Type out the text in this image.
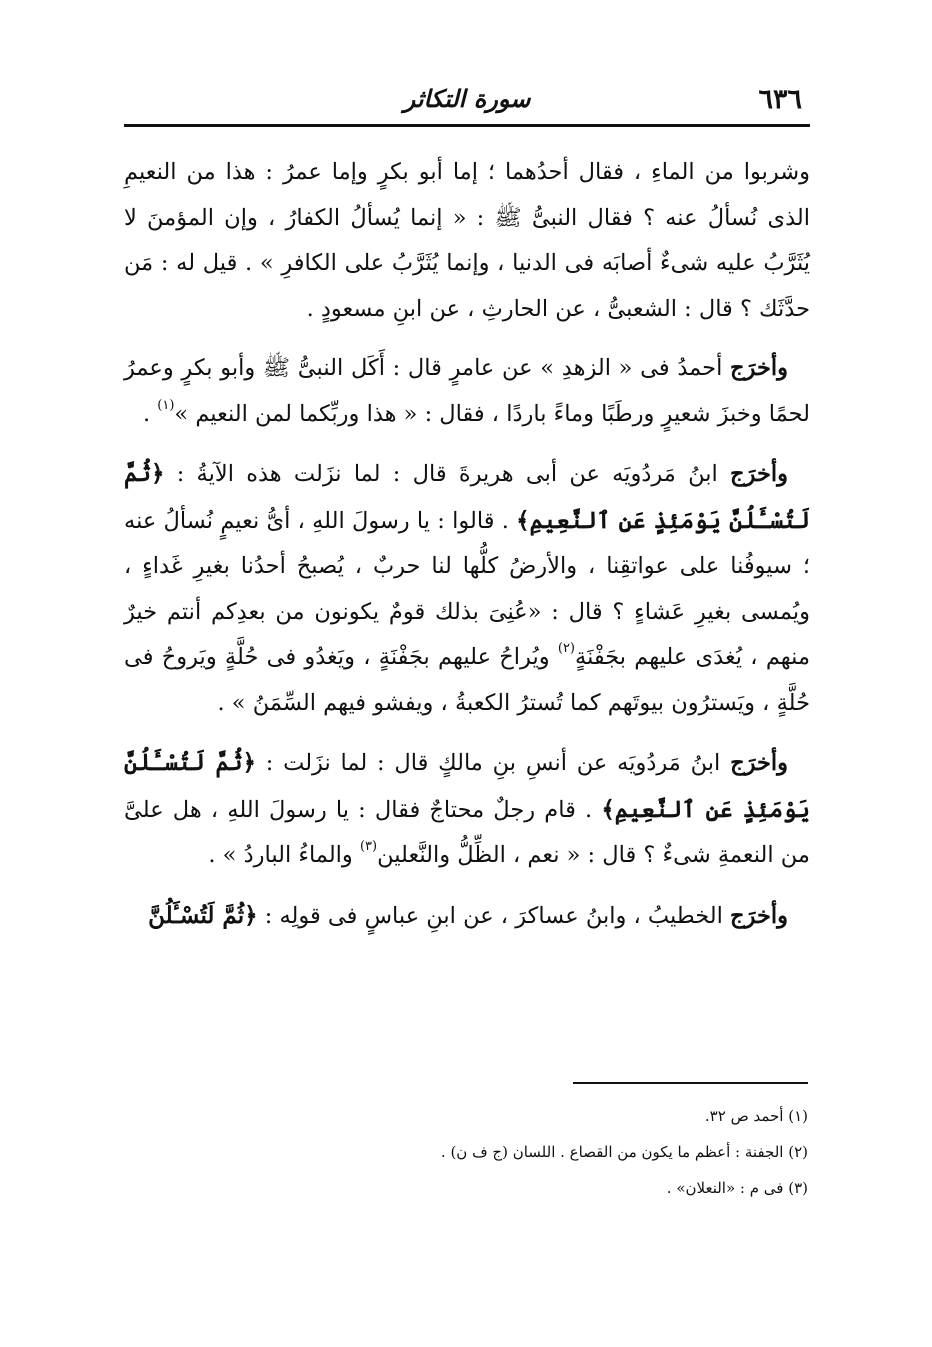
٦٣٦
سورة التكاثر

وشربوا من الماءِ ، فقال أحدُهما ؛ إما أبو بكرٍ وإما عمرُ : هذا من النعيمِ الذى نُسألُ عنه ؟ فقال النبىُّ ﷺ : « إنما يُسألُ الكفارُ ، وإن المؤمنَ لا يُثَرَّبُ عليه شىءٌ أصابَه فى الدنيا ، وإنما يُثَرَّبُ على الكافرِ » . قيل له : مَن حدَّثَك ؟ قال : الشعبىُّ ، عن الحارثِ ، عن ابنِ مسعودٍ .

وأخرَج أحمدُ فى « الزهدِ » عن عامرٍ قال : أَكَل النبىُّ ﷺ وأبو بكرٍ وعمرُ لحمًا وخبزَ شعيرٍ ورطَبًا وماءً باردًا ، فقال : « هذا وربِّكما لمن النعيم »$^{(١)}$ .

وأخرَج ابنُ مَردُويَه عن أبى هريرةَ قال : لما نزَلت هذه الآيةُ : ﴿ثُمَّ لَتُسْـَٔلُنَّ يَوْمَئِذٍ عَنِ ٱلنَّعِيمِ﴾ . قالوا : يا رسولَ اللهِ ، أىُّ نعيمٍ نُسألُ عنه ؛ سيوفُنا على عواتقِنا ، والأرضُ كلُّها لنا حربٌ ، يُصبحُ أحدُنا بغيرِ غَداءٍ ، ويُمسى بغيرِ عَشاءٍ ؟ قال : «عُنِىَ بذلك قومٌ يكونون من بعدِكم أنتم خيرٌ منهم ، يُغدَى عليهم بجَفْنَةٍ$^{(٢)}$ ويُراحُ عليهم بجَفْنَةٍ ، ويَغدُو فى حُلَّةٍ ويَروحُ فى حُلَّةٍ ، ويَسترُون بيوتَهم كما تُسترُ الكعبةُ ، ويفشو فيهم السِّمَنُ » .

وأخرَج ابنُ مَردُويَه عن أنسِ بنِ مالكٍ قال : لما نزَلت : ﴿ثُمَّ لَتُسْـَٔلُنَّ يَوْمَئِذٍ عَنِ ٱلنَّعِيمِ﴾ . قام رجلٌ محتاجٌ فقال : يا رسولَ اللهِ ، هل علىَّ من النعمةِ شىءٌ ؟ قال : « نعم ، الظِّلُّ والنَّعلين$^{(٣)}$ والماءُ الباردُ » .

وأخرَج الخطيبُ ، وابنُ عساكرَ ، عن ابنِ عباسٍ فى قولِه : ﴿ثُمَّ لَتُسْـَٔلُنَّ

(١) أحمد ص ٣٢.

(٢) الجفنة : أعظم ما يكون من القصاع . اللسان (ج ف ن) .

(٣) فى م : «النعلان» .
